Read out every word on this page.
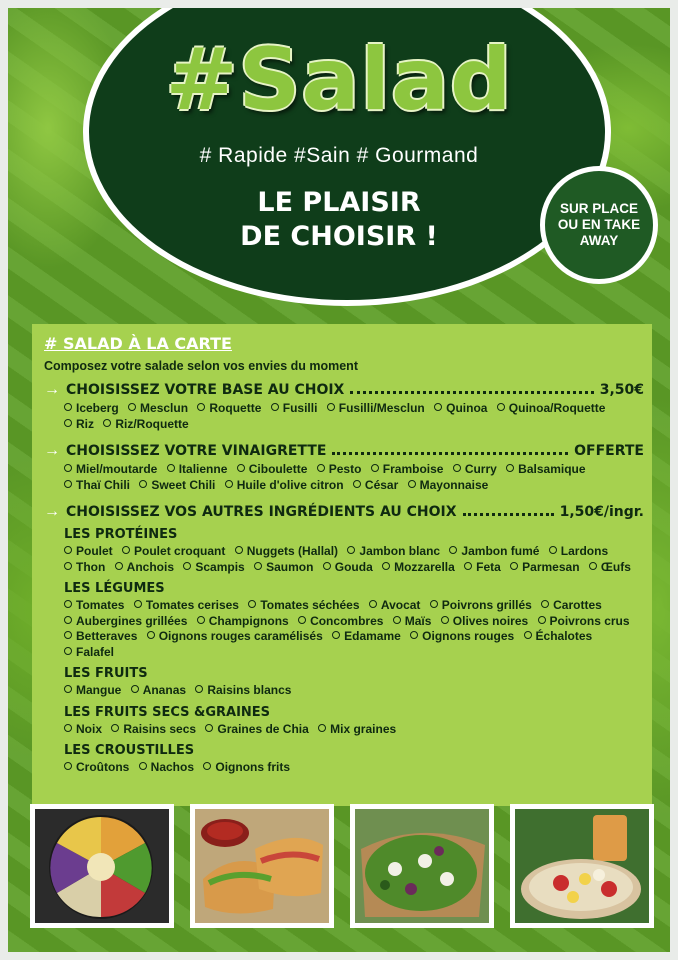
#Salad
# Rapide #Sain # Gourmand
LE PLAISIR
DE CHOISIR !
SUR PLACE OU EN TAKE AWAY
# SALAD À LA CARTE
Composez votre salade selon vos envies du moment
→ CHOISISSEZ VOTRE BASE AU CHOIX	3,50€
Iceberg Mesclun Roquette Fusilli Fusilli/Mesclun Quinoa Quinoa/Roquette Riz Riz/Roquette
→ CHOISISSEZ VOTRE VINAIGRETTE	OFFERTE
Miel/moutarde Italienne Ciboulette Pesto Framboise Curry Balsamique Thaï Chili Sweet Chili Huile d'olive citron César Mayonnaise
→ CHOISISSEZ VOS AUTRES INGRÉDIENTS AU CHOIX	1,50€/ingr.
LES PROTÉINES
Poulet Poulet croquant Nuggets (Hallal) Jambon blanc Jambon fumé Lardons Thon Anchois Scampis Saumon Gouda Mozzarella Feta Parmesan Œufs
LES LÉGUMES
Tomates Tomates cerises Tomates séchées Avocat Poivrons grillés Carottes Aubergines grillées Champignons Concombres Maïs Olives noires Poivrons crus Betteraves Oignons rouges caramélisés Edamame Oignons rouges Échalotes Falafel
LES FRUITS
Mangue Ananas Raisins blancs
LES FRUITS SECS &GRAINES
Noix Raisins secs Graines de Chia Mix graines
LES CROUSTILLES
Croûtons Nachos Oignons frits
